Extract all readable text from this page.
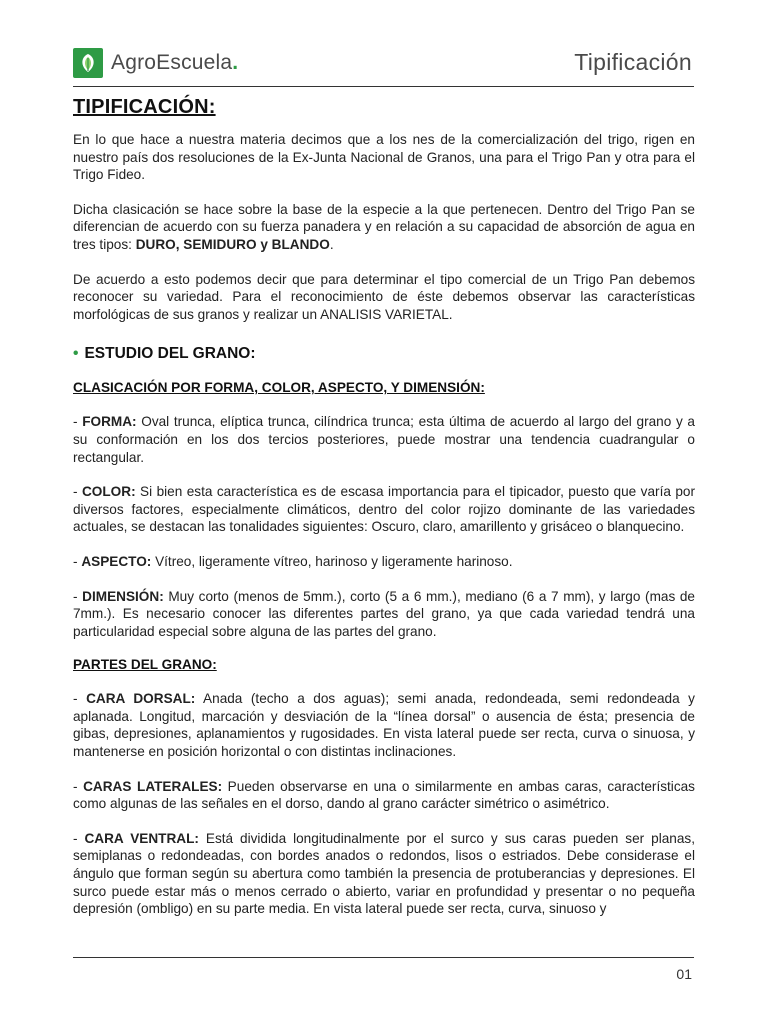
AgroEscuela.	Tipificación
TIPIFICACIÓN:

En lo que hace a nuestra materia decimos que a los nes de la comercialización del trigo, rigen en nuestro país dos resoluciones de la Ex-Junta Nacional de Granos, una para el Trigo Pan y otra para el Trigo Fideo.

Dicha clasicación se hace sobre la base de la especie a la que pertenecen. Dentro del Trigo Pan se diferencian de acuerdo con su fuerza panadera y en relación a su capacidad de absorción de agua en tres tipos: DURO, SEMIDURO y BLANDO.

De acuerdo a esto podemos decir que para determinar el tipo comercial de un Trigo Pan debemos reconocer su variedad. Para el reconocimiento de éste debemos observar las características morfológicas de sus granos y realizar un ANALISIS VARIETAL.

• ESTUDIO DEL GRANO:
CLASICACIÓN POR FORMA, COLOR, ASPECTO, Y DIMENSIÓN:

- FORMA: Oval trunca, elíptica trunca, cilíndrica trunca; esta última de acuerdo al largo del grano y a su conformación en los dos tercios posteriores, puede mostrar una tendencia cuadrangular o rectangular.

- COLOR: Si bien esta característica es de escasa importancia para el tipicador, puesto que varía por diversos factores, especialmente climáticos, dentro del color rojizo dominante de las variedades actuales, se destacan las tonalidades siguientes: Oscuro, claro, amarillento y grisáceo o blanquecino.

- ASPECTO: Vítreo, ligeramente vítreo, harinoso y ligeramente harinoso.

- DIMENSIÓN: Muy corto (menos de 5mm.), corto (5 a 6 mm.), mediano (6 a 7 mm), y largo (mas de 7mm.). Es necesario conocer las diferentes partes del grano, ya que cada variedad tendrá una particularidad especial sobre alguna de las partes del grano.

PARTES DEL GRANO:

- CARA DORSAL: Anada (techo a dos aguas); semi anada, redondeada, semi redondeada y aplanada. Longitud, marcación y desviación de la “línea dorsal” o ausencia de ésta; presencia de gibas, depresiones, aplanamientos y rugosidades. En vista lateral puede ser recta, curva o sinuosa, y mantenerse en posición horizontal o con distintas inclinaciones.

- CARAS LATERALES: Pueden observarse en una o similarmente en ambas caras, características como algunas de las señales en el dorso, dando al grano carácter simétrico o asimétrico.

- CARA VENTRAL: Está dividida longitudinalmente por el surco y sus caras pueden ser planas, semiplanas o redondeadas, con bordes anados o redondos, lisos o estriados. Debe considerase el ángulo que forman según su abertura como también la presencia de protuberancias y depresiones. El surco puede estar más o menos cerrado o abierto, variar en profundidad y presentar o no pequeña depresión (ombligo) en su parte media. En vista lateral puede ser recta, curva, sinuoso y

01
